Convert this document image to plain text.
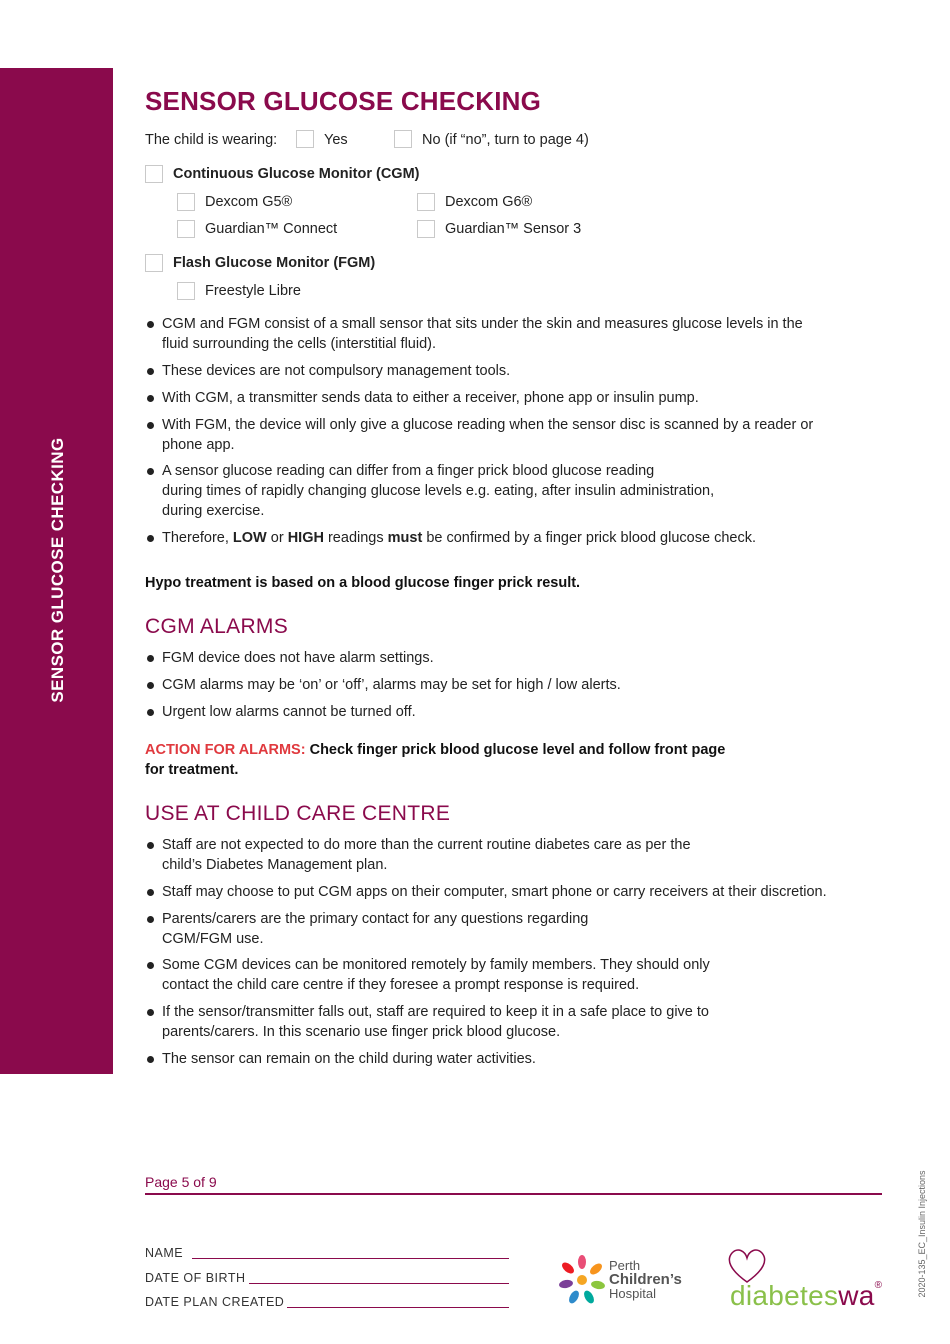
SENSOR GLUCOSE CHECKING
SENSOR GLUCOSE CHECKING
The child is wearing:	Yes	No (if “no”, turn to page 4)
Continuous Glucose Monitor (CGM)
Dexcom G5®	Dexcom G6®
Guardian™ Connect	Guardian™ Sensor 3
Flash Glucose Monitor (FGM)
Freestyle Libre
CGM and FGM consist of a small sensor that sits under the skin and measures glucose levels in the
fluid surrounding the cells (interstitial fluid).
These devices are not compulsory management tools.
With CGM, a transmitter sends data to either a receiver, phone app or insulin pump.
With FGM, the device will only give a glucose reading when the sensor disc is scanned by a reader or
phone app.
A sensor glucose reading can differ from a finger prick blood glucose reading
during times of rapidly changing glucose levels e.g. eating, after insulin administration,
during exercise.
Therefore, LOW or HIGH readings must be confirmed by a finger prick blood glucose check.
Hypo treatment is based on a blood glucose finger prick result.
CGM ALARMS
FGM device does not have alarm settings.
CGM alarms may be ‘on’ or ‘off’, alarms may be set for high / low alerts.
Urgent low alarms cannot be turned off.
ACTION FOR ALARMS: Check finger prick blood glucose level and follow front page
for treatment.
USE AT CHILD CARE CENTRE
Staff are not expected to do more than the current routine diabetes care as per the
child’s Diabetes Management plan.
Staff may choose to put CGM apps on their computer, smart phone or carry receivers at their discretion.
Parents/carers are the primary contact for any questions regarding
CGM/FGM use.
Some CGM devices can be monitored remotely by family members. They should only
contact the child care centre if they foresee a prompt response is required.
If the sensor/transmitter falls out, staff are required to keep it in a safe place to give to
parents/carers. In this scenario use finger prick blood glucose.
The sensor can remain on the child during water activities.
Page 5 of 9
NAME
DATE OF BIRTH
DATE PLAN CREATED
Perth
Children’s
Hospital	diabeteswa®	2020-135_EC_Insulin Injections
